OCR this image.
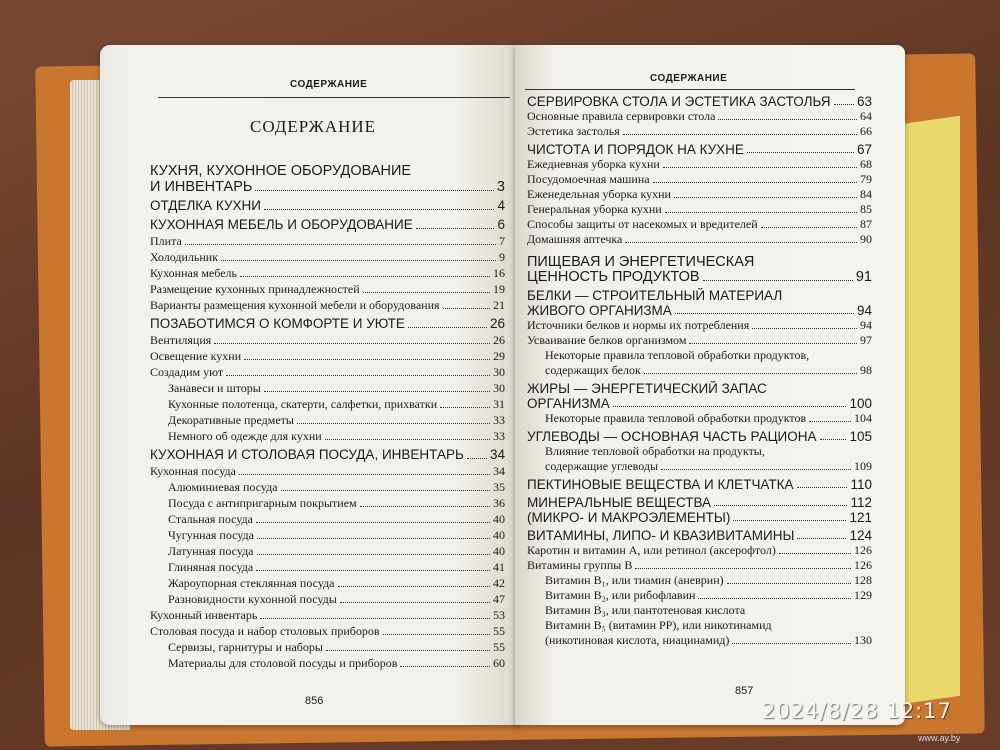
СОДЕРЖАНИЕ
СОДЕРЖАНИЕ
КУХНЯ, КУХОННОЕ ОБОРУДОВАНИЕ
И ИНВЕНТАРЬ	3
ОТДЕЛКА КУХНИ	4
КУХОННАЯ МЕБЕЛЬ И ОБОРУДОВАНИЕ	6
Плита	7
Холодильник	9
Кухонная мебель	16
Размещение кухонных принадлежностей	19
Варианты размещения кухонной мебели и оборудования	21
ПОЗАБОТИМСЯ О КОМФОРТЕ И УЮТЕ	26
Вентиляция	26
Освещение кухни	29
Создадим уют	30
Занавеси и шторы	30
Кухонные полотенца, скатерти, салфетки, прихватки	31
Декоративные предметы	33
Немного об одежде для кухни	33
КУХОННАЯ И СТОЛОВАЯ ПОСУДА, ИНВЕНТАРЬ 34
Кухонная посуда	34
Алюминиевая посуда	35
Посуда с антипригарным покрытием	36
Стальная посуда	40
Чугунная посуда	40
Латунная посуда	40
Глиняная посуда	41
Жароупорная стеклянная посуда	42
Разновидности кухонной посуды	47
Кухонный инвентарь	53
Столовая посуда и набор столовых приборов	55
Сервизы, гарнитуры и наборы	55
Материалы для столовой посуды и приборов	60
856
СОДЕРЖАНИЕ
СЕРВИРОВКА СТОЛА И ЭСТЕТИКА ЗАСТОЛЬЯ 63
Основные правила сервировки стола	64
Эстетика застолья	66
ЧИСТОТА И ПОРЯДОК НА КУХНЕ	67
Ежедневная уборка кухни	68
Посудомоечная машина	79
Еженедельная уборка кухни	84
Генеральная уборка кухни	85
Способы защиты от насекомых и вредителей	87
Домашняя аптечка	90
ПИЩЕВАЯ И ЭНЕРГЕТИЧЕСКАЯ
ЦЕННОСТЬ ПРОДУКТОВ	91
БЕЛКИ — СТРОИТЕЛЬНЫЙ МАТЕРИАЛ
ЖИВОГО ОРГАНИЗМА	94
Источники белков и нормы их потребления	94
Усваивание белков организмом	97
Некоторые правила тепловой обработки продуктов,
содержащих белок	98
ЖИРЫ — ЭНЕРГЕТИЧЕСКИЙ ЗАПАС
ОРГАНИЗМА	100
Некоторые правила тепловой обработки продуктов	104
УГЛЕВОДЫ — ОСНОВНАЯ ЧАСТЬ РАЦИОНА 105
Влияние тепловой обработки на продукты,
содержащие углеводы	109
ПЕКТИНОВЫЕ ВЕЩЕСТВА И КЛЕТЧАТКА	110
МИНЕРАЛЬНЫЕ ВЕЩЕСТВА	112
(МИКРО- И МАКРОЭЛЕМЕНТЫ)	121
ВИТАМИНЫ, ЛИПО- И КВАЗИВИТАМИНЫ	124
Каротин и витамин А, или ретинол (аксерофтол)	126
Витамины группы В	126
Витамин В₁, или тиамин (аневрин)	128
Витамин В₂, или рибофлавин	129
Витамин В₃, или пантотеновая кислота
Витамин В₅ (витамин РР), или никотинамид
(никотиновая кислота, ниацинамид)	130
857
2024/8/28 12:17
www.ay.by
